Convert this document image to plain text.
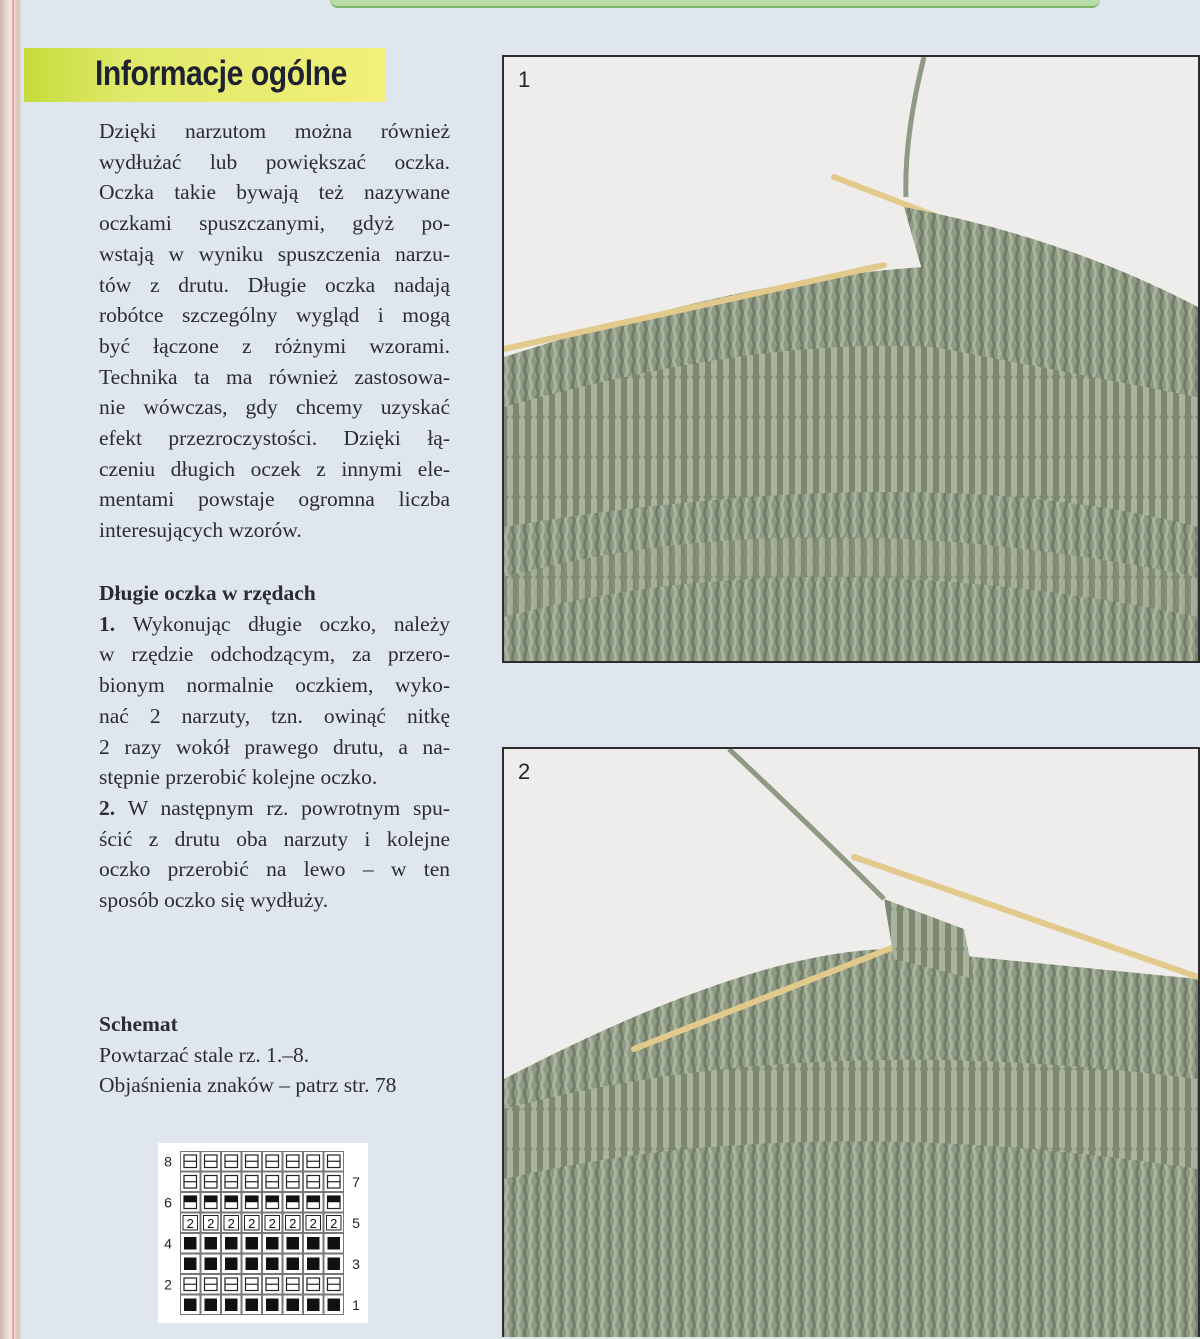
Informacje ogólne
Dzięki narzutom można również
wydłużać lub powiększać oczka.
Oczka takie bywają też nazywane
oczkami spuszczanymi, gdyż po-
wstają w wyniku spuszczenia narzu-
tów z drutu. Długie oczka nadają
robótce szczególny wygląd i mogą
być łączone z różnymi wzorami.
Technika ta ma również zastosowa-
nie wówczas, gdy chcemy uzyskać
efekt przezroczystości. Dzięki łą-
czeniu długich oczek z innymi ele-
mentami powstaje ogromna liczba
interesujących wzorów.
Długie oczka w rzędach
1. Wykonując długie oczko, należy
w rzędzie odchodzącym, za przero-
bionym normalnie oczkiem, wyko-
nać 2 narzuty, tzn. owinąć nitkę
2 razy wokół prawego drutu, a na-
stępnie przerobić kolejne oczko.
2. W następnym rz. powrotnym spu-
ścić z drutu oba narzuty i kolejne
oczko przerobić na lewo – w ten
sposób oczko się wydłuży.
Schemat
Powtarzać stale rz. 1.–8.
Objaśnienia znaków – patrz str. 78
1
2
2 2 2 2 2 2 2 2
8
6
4
2
7
5
3
1
